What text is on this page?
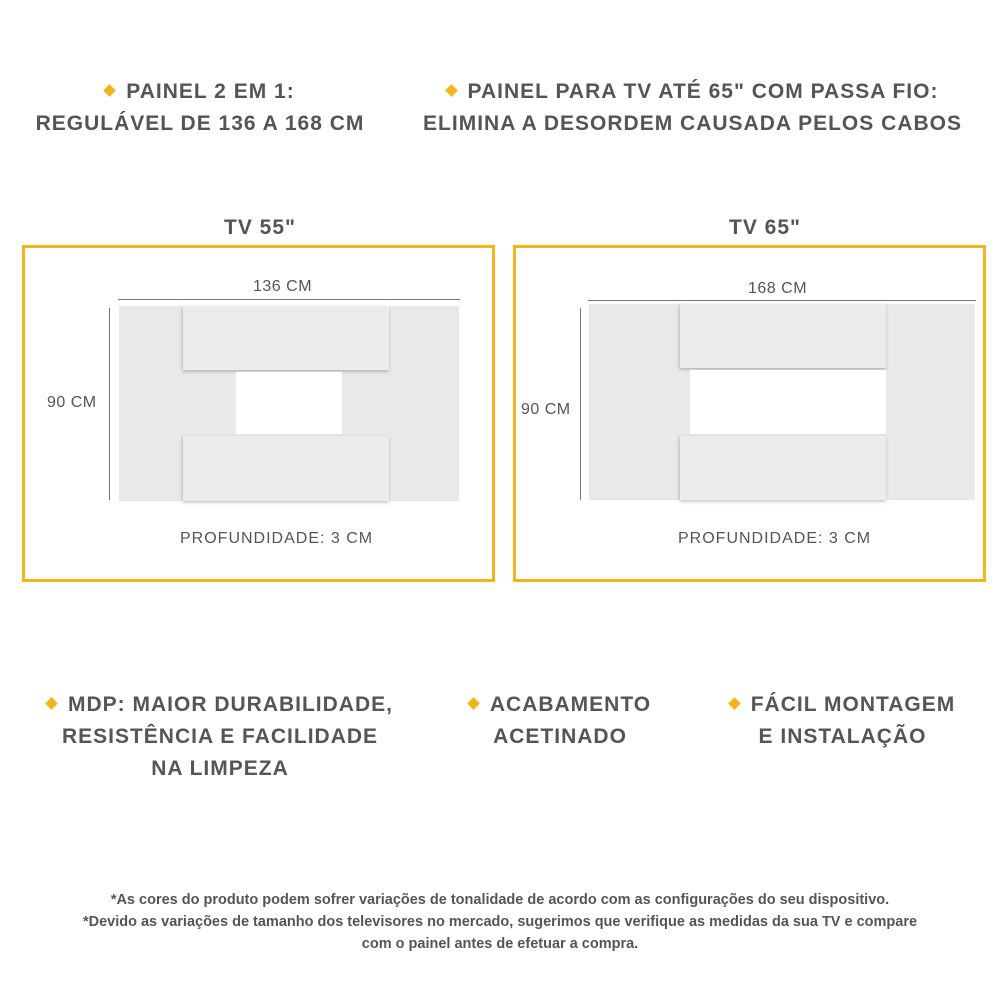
PAINEL 2 EM 1:
REGULÁVEL DE 136 A 168 CM
PAINEL PARA TV ATÉ 65" COM PASSA FIO:
ELIMINA A DESORDEM CAUSADA PELOS CABOS
TV 55"
136 CM
90 CM
PROFUNDIDADE: 3 CM
TV 65"
168 CM
90 CM
PROFUNDIDADE: 3 CM
MDP: MAIOR DURABILIDADE,
RESISTÊNCIA E FACILIDADE
NA LIMPEZA
ACABAMENTO
ACETINADO
FÁCIL MONTAGEM
E INSTALAÇÃO
*As cores do produto podem sofrer variações de tonalidade de acordo com as configurações do seu dispositivo.
*Devido as variações de tamanho dos televisores no mercado, sugerimos que verifique as medidas da sua TV e compare
com o painel antes de efetuar a compra.
